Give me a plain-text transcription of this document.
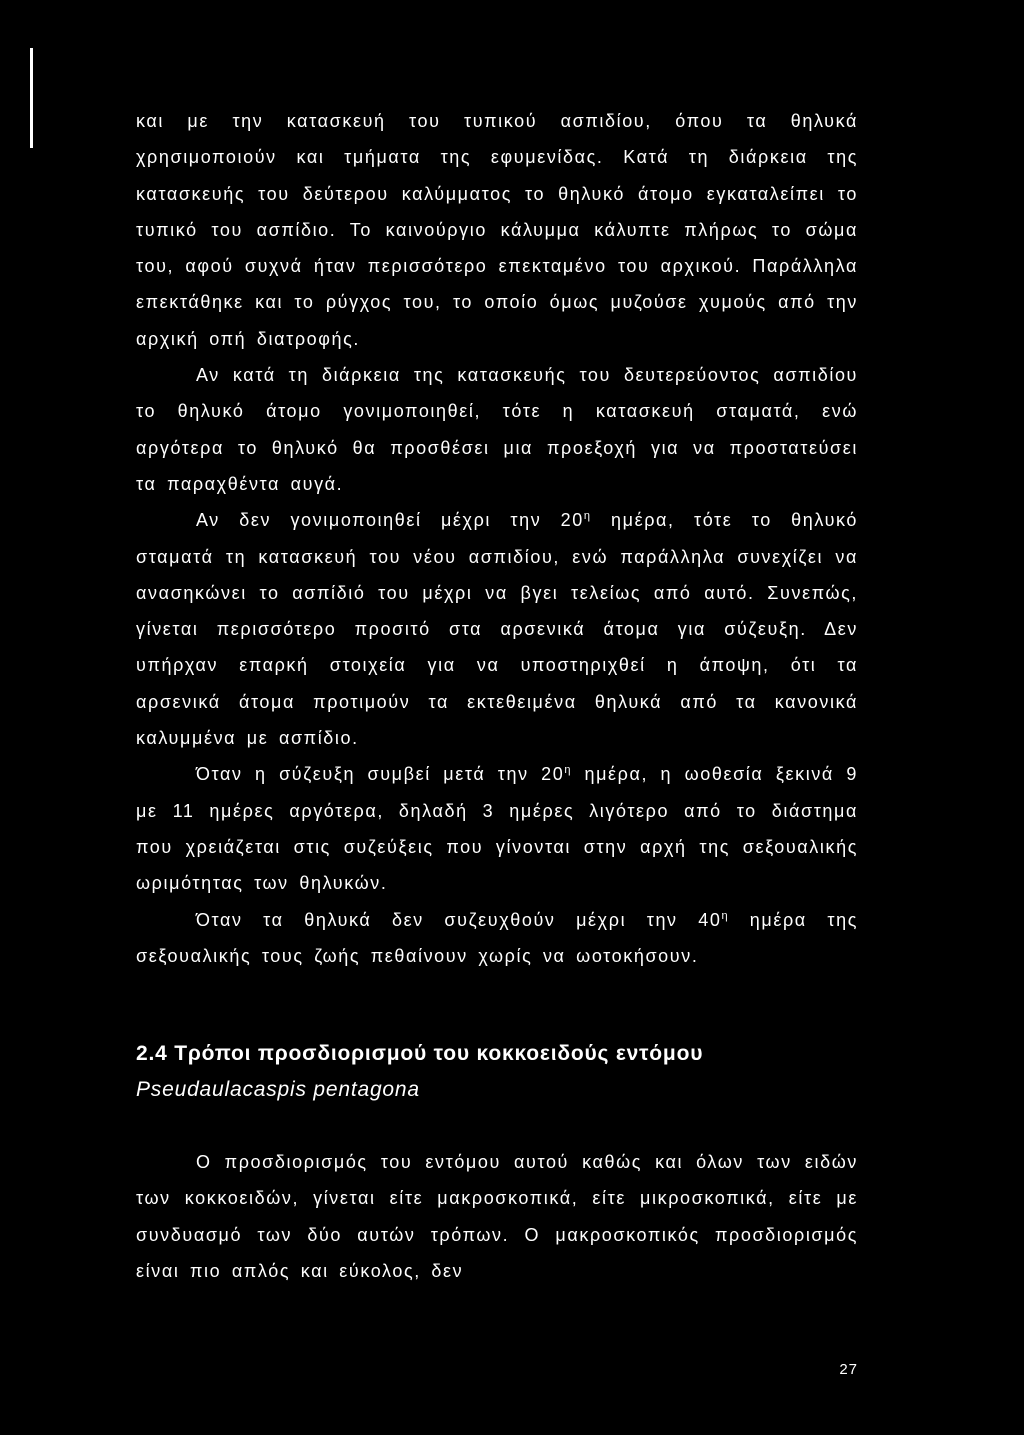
και με την κατασκευή του τυπικού ασπιδίου, όπου τα θηλυκά χρησιμοποιούν και τμήματα της εφυμενίδας. Κατά τη διάρκεια της κατασκευής του δεύτερου καλύμματος το θηλυκό άτομο εγκαταλείπει το τυπικό του ασπίδιο. Το καινούργιο κάλυμμα κάλυπτε πλήρως το σώμα του, αφού συχνά ήταν περισσότερο επεκταμένο του αρχικού. Παράλληλα επεκτάθηκε και το ρύγχος του, το οποίο όμως μυζούσε χυμούς από την αρχική οπή διατροφής.

Αν κατά τη διάρκεια της κατασκευής του δευτερεύοντος ασπιδίου το θηλυκό άτομο γονιμοποιηθεί, τότε η κατασκευή σταματά, ενώ αργότερα το θηλυκό θα προσθέσει μια προεξοχή για να προστατεύσει τα παραχθέντα αυγά.

Αν δεν γονιμοποιηθεί μέχρι την $20^\eta$ ημέρα, τότε το θηλυκό σταματά τη κατασκευή του νέου ασπιδίου, ενώ παράλληλα συνεχίζει να ανασηκώνει το ασπίδιό του μέχρι να βγει τελείως από αυτό. Συνεπώς, γίνεται περισσότερο προσιτό στα αρσενικά άτομα για σύζευξη. Δεν υπήρχαν επαρκή στοιχεία για να υποστηριχθεί η άποψη, ότι τα αρσενικά άτομα προτιμούν τα εκτεθειμένα θηλυκά από τα κανονικά καλυμμένα με ασπίδιο.

Όταν η σύζευξη συμβεί μετά την $20^\eta$ ημέρα, η ωοθεσία ξεκινά 9 με 11 ημέρες αργότερα, δηλαδή 3 ημέρες λιγότερο από το διάστημα που χρειάζεται στις συζεύξεις που γίνονται στην αρχή της σεξουαλικής ωριμότητας των θηλυκών.

Όταν τα θηλυκά δεν συζευχθούν μέχρι την $40^\eta$ ημέρα της σεξουαλικής τους ζωής πεθαίνουν χωρίς να ωοτοκήσουν.

2.4 Τρόποι προσδιορισμού του κοκκοειδούς εντόμου

Pseudaulacaspis pentagona

Ο προσδιορισμός του εντόμου αυτού καθώς και όλων των ειδών των κοκκοειδών, γίνεται είτε μακροσκοπικά, είτε μικροσκοπικά, είτε με συνδυασμό των δύο αυτών τρόπων. Ο μακροσκοπικός προσδιορισμός είναι πιο απλός και εύκολος, δεν

27
